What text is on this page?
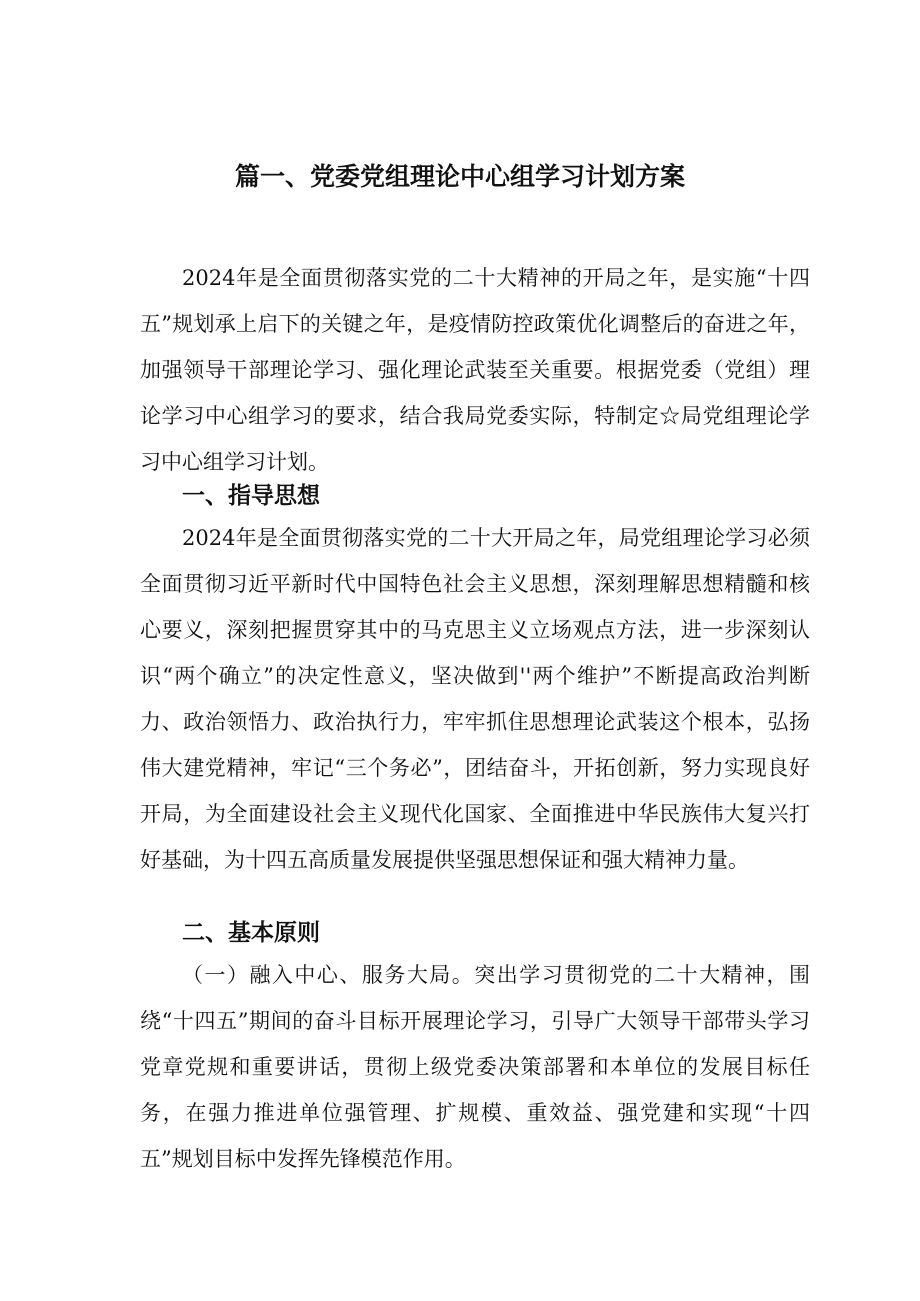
篇一、党委党组理论中心组学习计划方案

2024年是全面贯彻落实党的二十大精神的开局之年，是实施“十四五”规划承上启下的关键之年，是疫情防控政策优化调整后的奋进之年，加强领导干部理论学习、强化理论武装至关重要。根据党委（党组）理论学习中心组学习的要求，结合我局党委实际，特制定☆局党组理论学习中心组学习计划。

一、指导思想

2024年是全面贯彻落实党的二十大开局之年，局党组理论学习必须全面贯彻习近平新时代中国特色社会主义思想，深刻理解思想精髓和核心要义，深刻把握贯穿其中的马克思主义立场观点方法，进一步深刻认识“两个确立”的决定性意义，坚决做到''两个维护”不断提高政治判断力、政治领悟力、政治执行力，牢牢抓住思想理论武装这个根本，弘扬伟大建党精神，牢记“三个务必”，团结奋斗，开拓创新，努力实现良好开局，为全面建设社会主义现代化国家、全面推进中华民族伟大复兴打好基础，为十四五高质量发展提供坚强思想保证和强大精神力量。

二、基本原则

（一）融入中心、服务大局。突出学习贯彻党的二十大精神，围绕“十四五”期间的奋斗目标开展理论学习，引导广大领导干部带头学习党章党规和重要讲话，贯彻上级党委决策部署和本单位的发展目标任务，在强力推进单位强管理、扩规模、重效益、强党建和实现“十四五”规划目标中发挥先锋模范作用。
